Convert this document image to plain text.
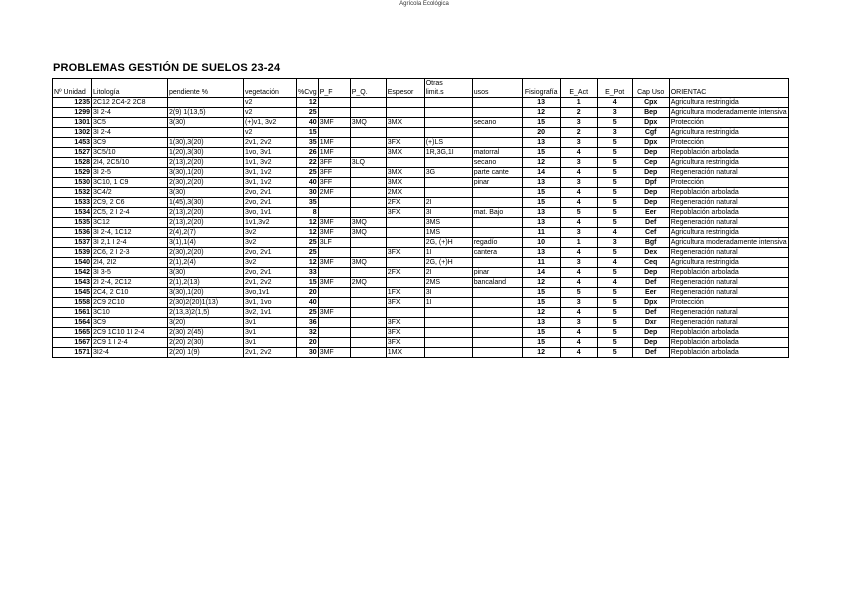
Agrícola Ecológica
PROBLEMAS GESTIÓN DE SUELOS 23-24
								Otras						
Nº Unidad	Litología	pendiente %	vegetación	%Cvg	P_F	P_Q.	Espesor	limit.s	usos	Fisiografía	E_Act	E_Pot	Cap Uso	ORIENTAC
1235	2C12 2C4-2 2C8		v2	12						13	1	4	Cpx	Agricultura restringida
1299	3I 2-4	2(9) 1(13,5)	v2	25						12	2	3	Bep	Agricultura moderadamente intensiva
1301	3C5	3(30)	(+)v1, 3v2	40	3MF	3MQ	3MX		secano	15	3	5	Dpx	Protección
1302	3I 2-4		v2	15						20	2	3	Cgf	Agricultura restringida
1453	3C9	1(30),3(20)	2v1, 2v2	35	1MF		3FX	(+)LS		13	3	5	Dpx	Protección
1527	3C5/10	1(20),3(30)	1vo, 3v1	26	1MF		3MX	1R,3G,1I	matorral	15	4	5	Dep	Repoblación arbolada
1528	2I4, 2C5/10	2(13),2(20)	1v1, 3v2	22	3FF	3LQ			secano	12	3	5	Cep	Agricultura restringida
1529	3I 2-5	3(30),1(20)	3v1, 1v2	25	3FF		3MX	3G	parte cante	14	4	5	Dep	Regeneración natural
1530	3C10, 1 C9	2(30),2(20)	3v1, 1v2	40	3FF		3MX		pinar	13	3	5	Dpf	Protección
1532	3C4/2	3(30)	2vo, 2v1	30	2MF		2MX			15	4	5	Dep	Repoblación arbolada
1533	2C9, 2 C6	1(45),3(30)	2vo, 2v1	35			2FX	2I		15	4	5	Dep	Regeneración natural
1534	2C5, 2 I 2-4	2(13),2(20)	3vo, 1v1	8			3FX	3I	mat. Bajo	13	5	5	Eer	Repoblación arbolada
1535	3C12	2(13),2(20)	1v1,3v2	12	3MF	3MQ		3MS		13	4	5	Def	Regeneración natural
1536	3I 2-4, 1C12	2(4),2(7)	3v2	12	3MF	3MQ		1MS		11	3	4	Cef	Agricultura restringida
1537	3I 2,1 I 2-4	3(1),1(4)	3v2	25	3LF			2G, (+)H	regadío	10	1	3	Bgf	Agricultura moderadamente intensiva
1539	2C6, 2 I 2-3	2(30),2(20)	2vo, 2v1	25			3FX	1I	cantera	13	4	5	Dex	Regeneración natural
1540	2I4, 2I2	2(1),2(4)	3v2	12	3MF	3MQ		2G, (+)H		11	3	4	Ceq	Agricultura restringida
1542	3I 3-5	3(30)	2vo, 2v1	33			2FX	2I	pinar	14	4	5	Dep	Repoblación arbolada
1543	2I 2-4, 2C12	2(1),2(13)	2v1, 2v2	15	3MF	2MQ		2MS	bancaland	12	4	4	Def	Regeneración natural
1545	2C4, 2 C10	3(30),1(20)	3vo,1v1	20			1FX	3I		15	5	5	Eer	Regeneración natural
1558	2C9 2C10	2(30)2(20)1(13)	3v1, 1vo	40			3FX	1I		15	3	5	Dpx	Protección
1561	3C10	2(13,3)2(1,5)	3v2, 1v1	25	3MF					12	4	5	Def	Regeneración natural
1564	3C9	3(20)	3v1	36			3FX			13	3	5	Dxr	Regeneración natural
1565	2C9 1C10 1I 2-4	2(30) 2(45)	3v1	32			3FX			15	4	5	Dep	Repoblación arbolada
1567	2C9 1 I 2-4	2(20) 2(30)	3v1	20			3FX			15	4	5	Dep	Repoblación arbolada
1571	3I2-4	2(20) 1(9)	2v1, 2v2	30	3MF		1MX			12	4	5	Def	Repoblación arbolada
